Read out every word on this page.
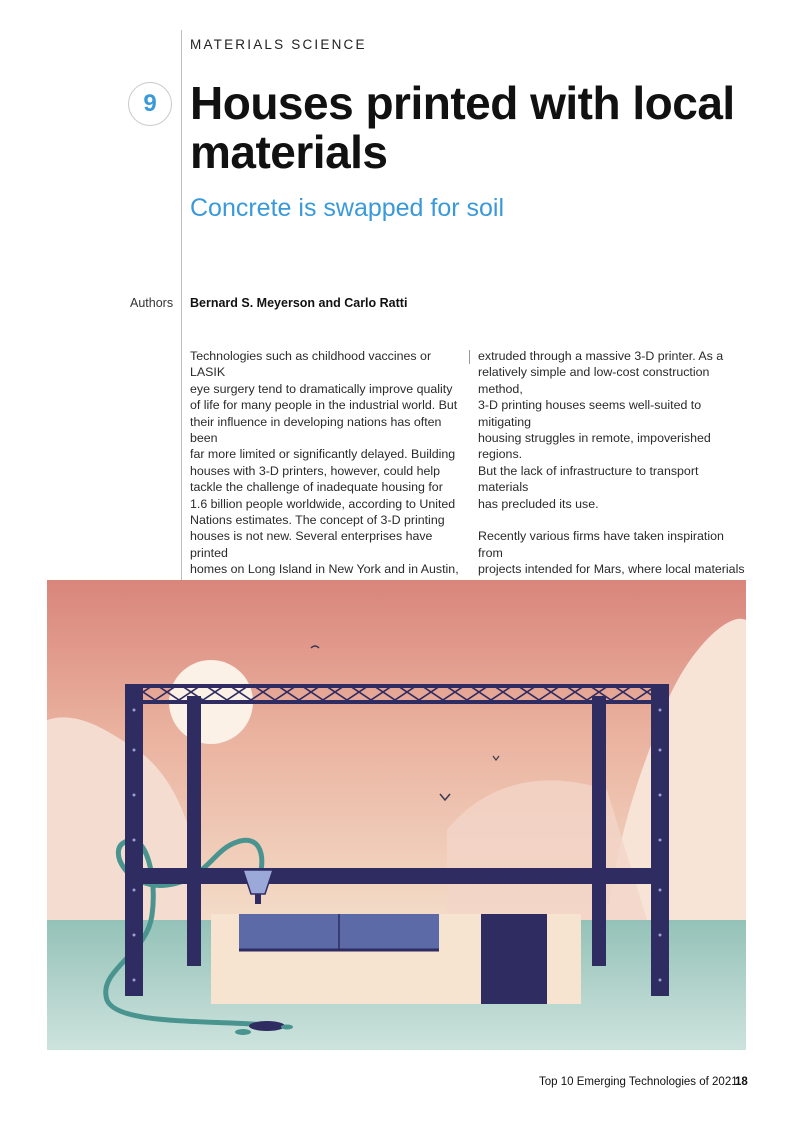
MATERIALS SCIENCE
9 Houses printed with local materials
Concrete is swapped for soil
Authors Bernard S. Meyerson and Carlo Ratti

Technologies such as childhood vaccines or LASIK
eye surgery tend to dramatically improve quality
of life for many people in the industrial world. But
their influence in developing nations has often been
far more limited or significantly delayed. Building
houses with 3-D printers, however, could help
tackle the challenge of inadequate housing for
1.6 billion people worldwide, according to United
Nations estimates. The concept of 3-D printing
houses is not new. Several enterprises have printed
homes on Long Island in New York and in Austin,

extruded through a massive 3-D printer. As a
relatively simple and low-cost construction method,
3-D printing houses seems well-suited to mitigating
housing struggles in remote, impoverished regions.
But the lack of infrastructure to transport materials
has precluded its use.

Recently various firms have taken inspiration from
projects intended for Mars, where local materials

Top 10 Emerging Technologies of 2021
18
